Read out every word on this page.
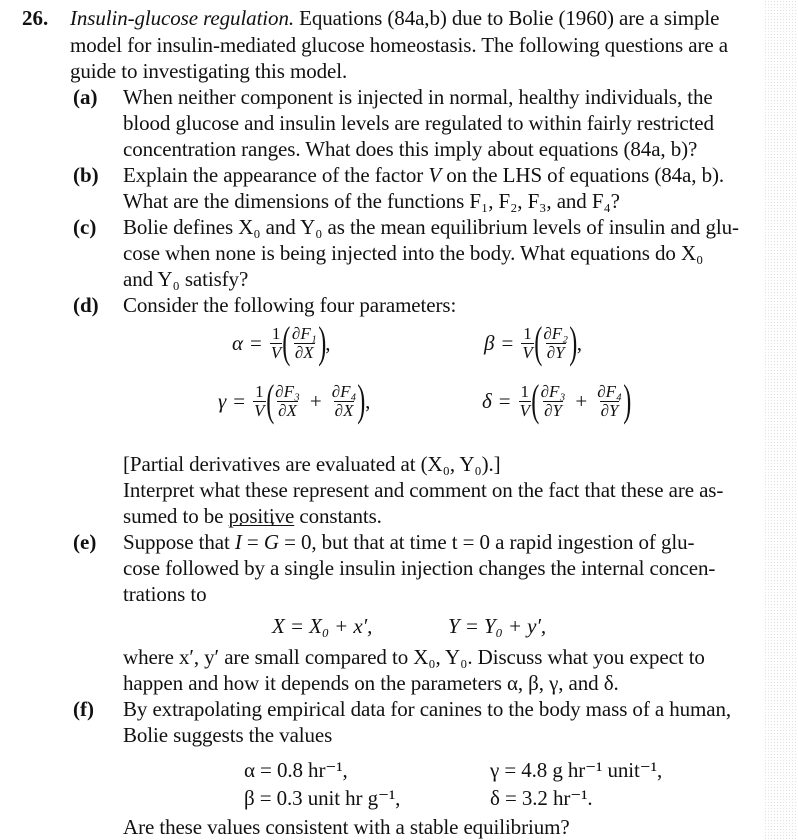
26. Insulin-glucose regulation. Equations (84a,b) due to Bolie (1960) are a simple
model for insulin-mediated glucose homeostasis. The following questions are a
guide to investigating this model.
(a) When neither component is injected in normal, healthy individuals, the
blood glucose and insulin levels are regulated to within fairly restricted
concentration ranges. What does this imply about equations (84a, b)?
(b) Explain the appearance of the factor V on the LHS of equations (84a, b).
What are the dimensions of the functions F₁, F₂, F₃, and F₄?
(c) Bolie defines X₀ and Y₀ as the mean equilibrium levels of insulin and glu-
cose when none is being injected into the body. What equations do X₀
and Y₀ satisfy?
(d) Consider the following four parameters:
$\alpha = \frac{1}{V}$ ( $\frac{\text{∂F₁}}{\partial X}$ ) ,	$\beta = \frac{1}{V}$ ( $\frac{\text{∂F₂}}{\partial Y}$ ) ,
$\gamma = \frac{1}{V}$ ( $\frac{\text{∂F₃}}{\partial X} + \frac{\text{∂F₄}}{\partial X}$ ) ,	$\delta = \frac{1}{V}$ ( $\frac{\text{∂F₃}}{\partial Y} + \frac{\text{∂F₄}}{\partial Y}$ )
[Partial derivatives are evaluated at (X₀, Y₀).]
Interpret what these represent and comment on the fact that these are as-
sumed to be positive constants.
(e) Suppose that ˙ I = ˙ G = 0, but that at time t = 0 a rapid ingestion of glu-
cose followed by a single insulin injection changes the internal concen-
trations to
X = X₀ + x′,	Y = Y₀ + y′,
where x′, y′ are small compared to X₀, Y₀. Discuss what you expect to
happen and how it depends on the parameters α, β, γ, and δ.
(f) By extrapolating empirical data for canines to the body mass of a human,
Bolie suggests the values
α = 0.8 hr⁻¹,	γ = 4.8 g hr⁻¹ unit⁻¹,
β = 0.3 unit hr g⁻¹,	δ = 3.2 hr⁻¹.
Are these values consistent with a stable equilibrium?
